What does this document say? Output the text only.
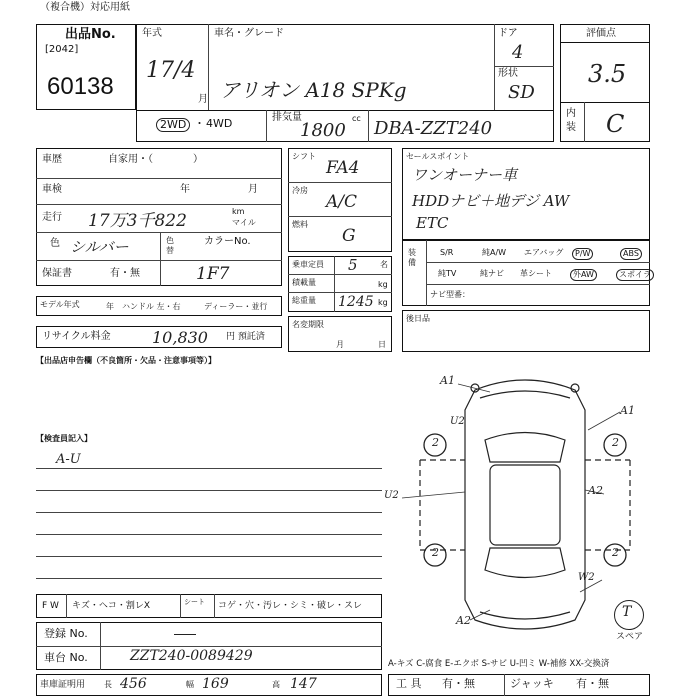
（複合機）対応用紙
出品No.
[2042]
60138
年式
17/4
月
車名・グレード
アリオン A18 SPKg
ドア
4
形状
SD
2WD ・ 4WD	排気量
1800
cc DBA-ZZT240
評価点
3.5
内
装 C
車歴	自家用・（　　　　）
車検	年	月
走行 17万3千822	km
マイル
色 シルバー	色替
カラーNo.
保証書	有・無	1F7
モデル年式	年 ハンドル 左・右	ディーラー・並行
リサイクル料金	10,830 円 預託済
シフト
FA4
冷房
A/C
燃料
G
乗車定員 5	名
積載量	kg
総重量 1245 kg
名変期限
月	日
セールスポイント
ワンオーナー車
HDDナビ＋地デジ AW
ETC
装備
S/R	純A/W エアバッグ	P/W	ABS
純TV	純ナビ 革シート	外AW	スポイラ
ナビ型番：
後日品
【出品店申告欄（不良箇所・欠品・注意事項等）】
【検査員記入】
A-U
A1
U2
A1
U2	A2
W2
A2
2	2
2	2
T
スペア
F W キズ・ヘコ・割レX	シート	コゲ・穴・汚レ・シミ・破レ・スレ
登録 No.
車台 No.	ZZT240-0089429	A-キズ C-腐食 E-エクボ S-サビ U-凹ミ W-補修 XX-交換済
車庫証明用 長 456	幅 169	高 147	工 具 有・無	ジャッキ 有・無
